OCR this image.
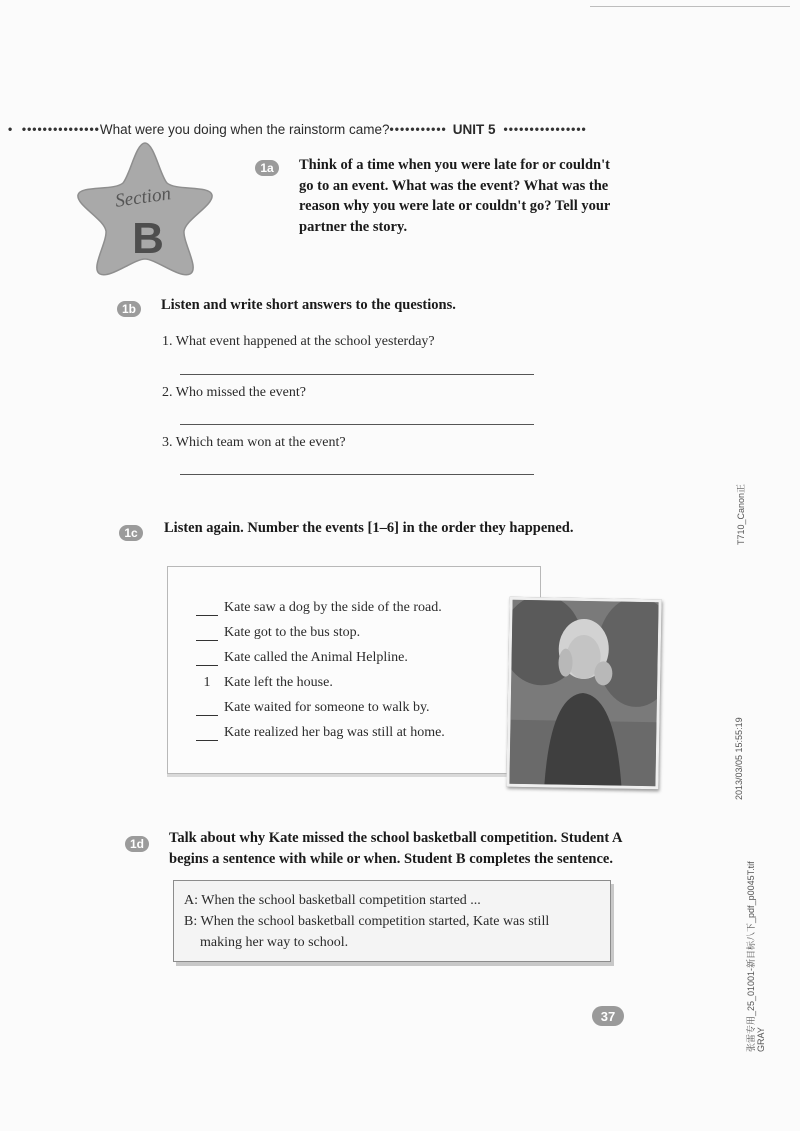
•  ••••••••••••••• What were you doing when the rainstorm came? ••••••••••• UNIT 5 ••••••••••••••••
Section
B
1a	Think of a time when you were late for or couldn't
go to an event. What was the event? What was the
reason why you were late or couldn't go? Tell your
partner the story.
1b	Listen and write short answers to the questions.
1. What event happened at the school yesterday?
2. Who missed the event?
3. Which team won at the event?
1c	Listen again. Number the events [1–6] in the order they happened.
Kate saw a dog by the side of the road.
Kate got to the bus stop.
Kate called the Animal Helpline.
1 Kate left the house.
Kate waited for someone to walk by.
Kate realized her bag was still at home.
1d	Talk about why Kate missed the school basketball competition. Student A
begins a sentence with while or when. Student B completes the sentence.
A: When the school basketball competition started ...
B: When the school basketball competition started, Kate was still
making her way to school.
37
T710_Canon正
2013/03/05 15:55:19
张雷专用_25_01001-新目标八下_pdf_p0045T.tif GRAY
